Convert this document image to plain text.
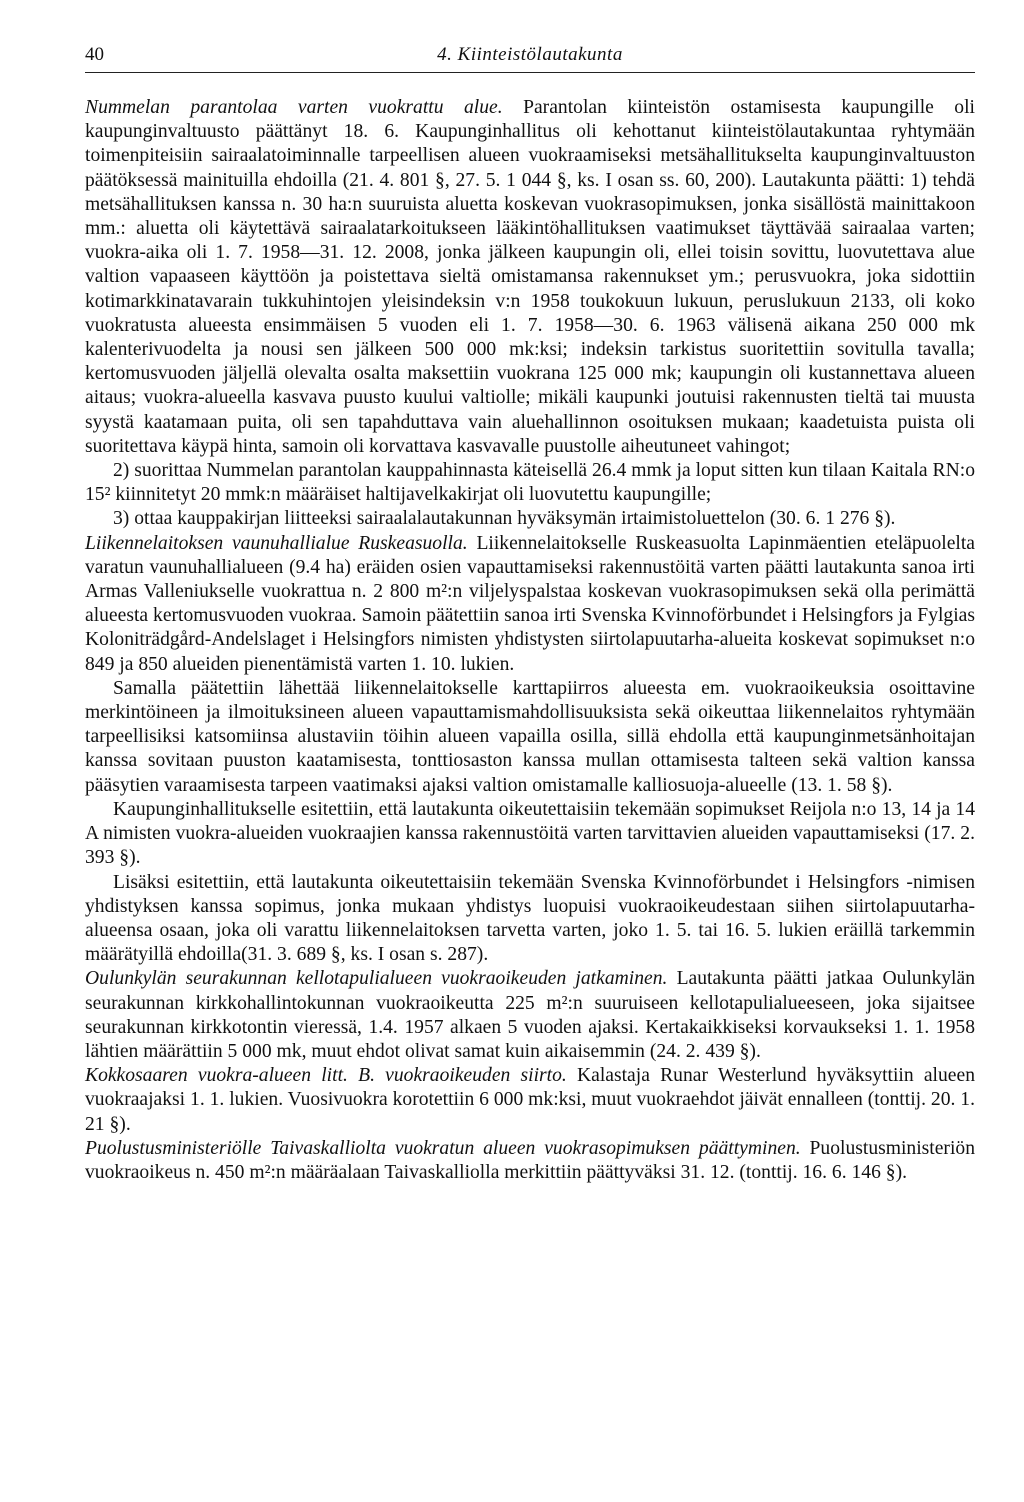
40	4. Kiinteistölautakunta

Nummelan parantolaa varten vuokrattu alue. Parantolan kiinteistön ostamisesta kaupungille oli kaupunginvaltuusto päättänyt 18. 6. Kaupunginhallitus oli kehottanut kiinteistölautakuntaa ryhtymään toimenpiteisiin sairaalatoiminnalle tarpeellisen alueen vuokraamiseksi metsähallitukselta kaupunginvaltuuston päätöksessä mainituilla ehdoilla (21. 4. 801 §, 27. 5. 1 044 §, ks. I osan ss. 60, 200). Lautakunta päätti: 1) tehdä metsähallituksen kanssa n. 30 ha:n suuruista aluetta koskevan vuokrasopimuksen, jonka sisällöstä mainittakoon mm.: aluetta oli käytettävä sairaalatarkoitukseen lääkintöhallituksen vaatimukset täyttävää sairaalaa varten; vuokra-aika oli 1. 7. 1958—31. 12. 2008, jonka jälkeen kaupungin oli, ellei toisin sovittu, luovutettava alue valtion vapaaseen käyttöön ja poistettava sieltä omistamansa rakennukset ym.; perusvuokra, joka sidottiin kotimarkkinatavarain tukkuhintojen yleisindeksin v:n 1958 toukokuun lukuun, peruslukuun 2133, oli koko vuokratusta alueesta ensimmäisen 5 vuoden eli 1. 7. 1958—30. 6. 1963 välisenä aikana 250 000 mk kalenterivuodelta ja nousi sen jälkeen 500 000 mk:ksi; indeksin tarkistus suoritettiin sovitulla tavalla; kertomusvuoden jäljellä olevalta osalta maksettiin vuokrana 125 000 mk; kaupungin oli kustannettava alueen aitaus; vuokra-alueella kasvava puusto kuului valtiolle; mikäli kaupunki joutuisi rakennusten tieltä tai muusta syystä kaatamaan puita, oli sen tapahduttava vain aluehallinnon osoituksen mukaan; kaadetuista puista oli suoritettava käypä hinta, samoin oli korvattava kasvavalle puustolle aiheutuneet vahingot;

2) suorittaa Nummelan parantolan kauppahinnasta käteisellä 26.4 mmk ja loput sitten kun tilaan Kaitala RN:o 15² kiinnitetyt 20 mmk:n määräiset haltijavelkakirjat oli luovutettu kaupungille;

3) ottaa kauppakirjan liitteeksi sairaalalautakunnan hyväksymän irtaimistoluettelon (30. 6. 1 276 §).

Liikennelaitoksen vaunuhallialue Ruskeasuolla. Liikennelaitokselle Ruskeasuolta Lapinmäentien eteläpuolelta varatun vaunuhallialueen (9.4 ha) eräiden osien vapauttamiseksi rakennustöitä varten päätti lautakunta sanoa irti Armas Valleniukselle vuokrattua n. 2 800 m²:n viljelyspalstaa koskevan vuokrasopimuksen sekä olla perimättä alueesta kertomusvuoden vuokraa. Samoin päätettiin sanoa irti Svenska Kvinnoförbundet i Helsingfors ja Fylgias Koloniträdgård-Andelslaget i Helsingfors nimisten yhdistysten siirtolapuutarha-alueita koskevat sopimukset n:o 849 ja 850 alueiden pienentämistä varten 1. 10. lukien.

Samalla päätettiin lähettää liikennelaitokselle karttapiirros alueesta em. vuokraoikeuksia osoittavine merkintöineen ja ilmoituksineen alueen vapauttamismahdollisuuksista sekä oikeuttaa liikennelaitos ryhtymään tarpeellisiksi katsomiinsa alustaviin töihin alueen vapailla osilla, sillä ehdolla että kaupunginmetsänhoitajan kanssa sovitaan puuston kaatamisesta, tonttiosaston kanssa mullan ottamisesta talteen sekä valtion kanssa pääsytien varaamisesta tarpeen vaatimaksi ajaksi valtion omistamalle kalliosuoja-alueelle (13. 1. 58 §).

Kaupunginhallitukselle esitettiin, että lautakunta oikeutettaisiin tekemään sopimukset Reijola n:o 13, 14 ja 14 A nimisten vuokra-alueiden vuokraajien kanssa rakennustöitä varten tarvittavien alueiden vapauttamiseksi (17. 2. 393 §).

Lisäksi esitettiin, että lautakunta oikeutettaisiin tekemään Svenska Kvinnoförbundet i Helsingfors -nimisen yhdistyksen kanssa sopimus, jonka mukaan yhdistys luopuisi vuokraoikeudestaan siihen siirtolapuutarha-alueensa osaan, joka oli varattu liikennelaitoksen tarvetta varten, joko 1. 5. tai 16. 5. lukien eräillä tarkemmin määrätyillä ehdoilla(31. 3. 689 §, ks. I osan s. 287).

Oulunkylän seurakunnan kellotapulialueen vuokraoikeuden jatkaminen. Lautakunta päätti jatkaa Oulunkylän seurakunnan kirkkohallintokunnan vuokraoikeutta 225 m²:n suuruiseen kellotapulialueeseen, joka sijaitsee seurakunnan kirkkotontin vieressä, 1.4. 1957 alkaen 5 vuoden ajaksi. Kertakaikkiseksi korvaukseksi 1. 1. 1958 lähtien määrättiin 5 000 mk, muut ehdot olivat samat kuin aikaisemmin (24. 2. 439 §).

Kokkosaaren vuokra-alueen litt. B. vuokraoikeuden siirto. Kalastaja Runar Westerlund hyväksyttiin alueen vuokraajaksi 1. 1. lukien. Vuosivuokra korotettiin 6 000 mk:ksi, muut vuokraehdot jäivät ennalleen (tonttij. 20. 1. 21 §).

Puolustusministeriölle Taivaskalliolta vuokratun alueen vuokrasopimuksen päättyminen. Puolustusministeriön vuokraoikeus n. 450 m²:n määräalaan Taivaskalliolla merkittiin päättyväksi 31. 12. (tonttij. 16. 6. 146 §).
